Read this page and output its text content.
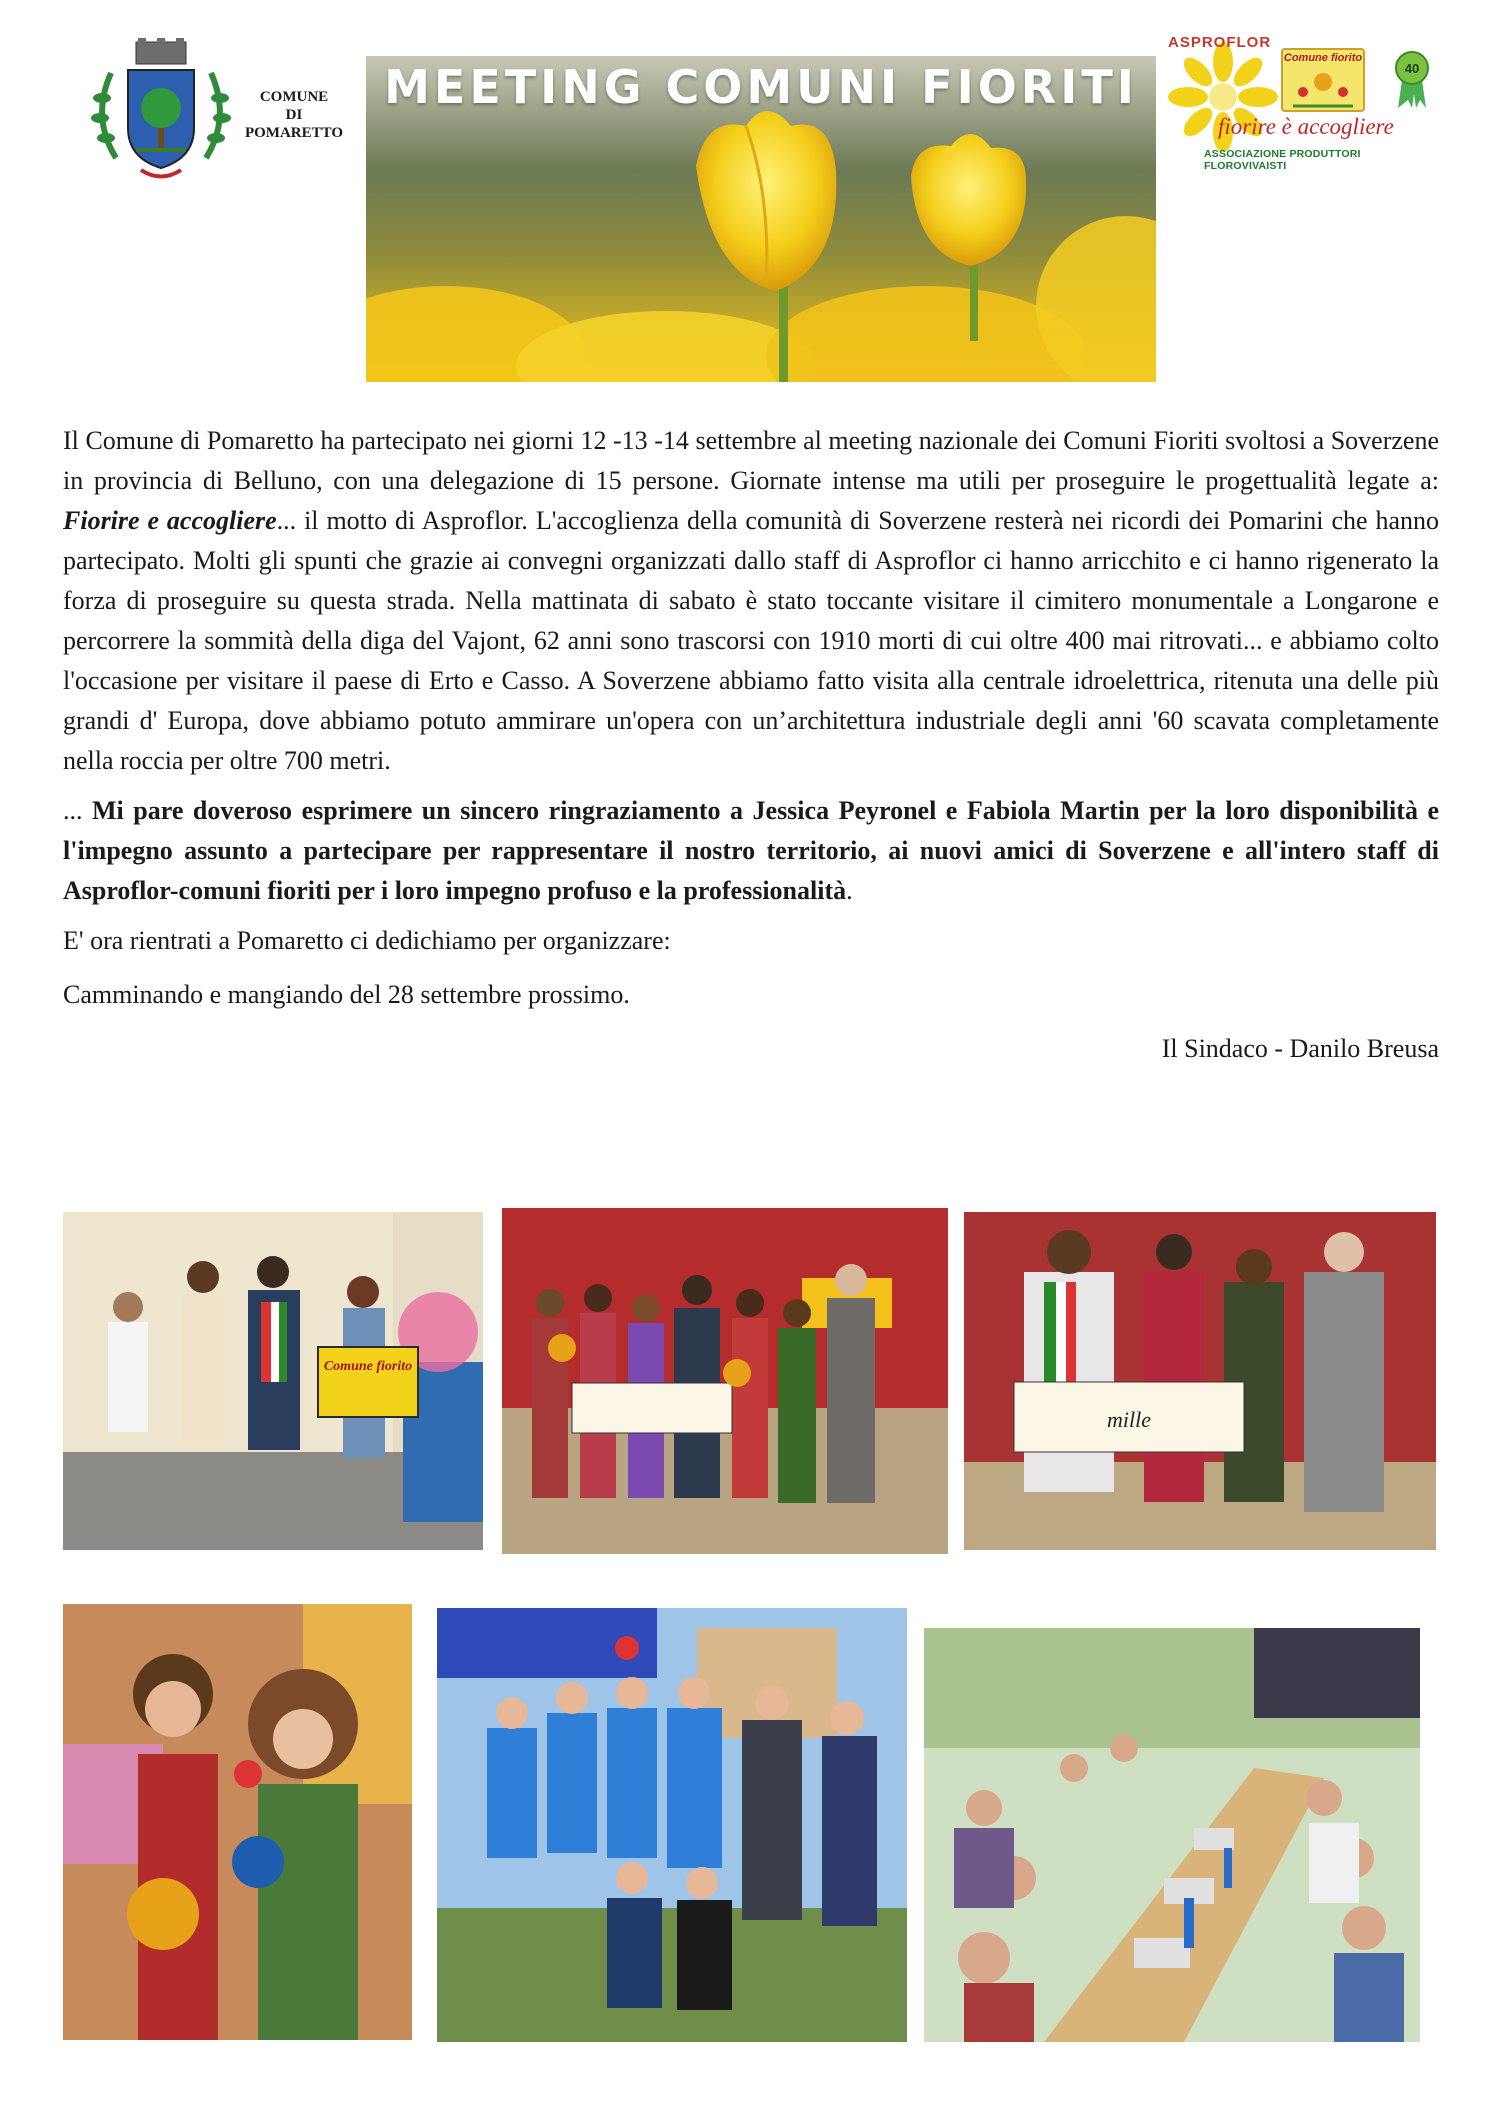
COMUNE
DI
POMARETTO
MEETING COMUNI FIORITI
ASPROFLOR
Comune fiorito
40
fiorire è accogliere
ASSOCIAZIONE PRODUTTORI FLOROVIVAISTI

Il Comune di Pomaretto ha partecipato nei giorni 12 -13 -14 settembre al meeting nazionale dei Comuni Fioriti svoltosi a Soverzene in provincia di Belluno, con una delegazione di 15 persone. Giornate intense ma utili per proseguire le progettualità legate a: Fiorire e accogliere... il motto di Asproflor. L'accoglienza della comunità di Soverzene resterà nei ricordi dei Pomarini che hanno partecipato. Molti gli spunti che grazie ai convegni organizzati dallo staff di Asproflor ci hanno arricchito e ci hanno rigenerato la forza di proseguire su questa strada. Nella mattinata di sabato è stato toccante visitare il cimitero monumentale a Longarone e percorrere la sommità della diga del Vajont, 62 anni sono trascorsi con 1910 morti di cui oltre 400 mai ritrovati... e abbiamo colto l'occasione per visitare il paese di Erto e Casso. A Soverzene abbiamo fatto visita alla centrale idroelettrica, ritenuta una delle più grandi d' Europa, dove abbiamo potuto ammirare un'opera con un’architettura industriale degli anni '60 scavata completamente nella roccia per oltre 700 metri.

... Mi pare doveroso esprimere un sincero ringraziamento a Jessica Peyronel e Fabiola Martin per la loro disponibilità e l'impegno assunto a partecipare per rappresentare il nostro territorio, ai nuovi amici di Soverzene e all'intero staff di Asproflor-comuni fioriti per i loro impegno profuso e la professionalità.

E' ora rientrati a Pomaretto ci dedichiamo per organizzare:

Camminando e mangiando del 28 settembre prossimo.

Il Sindaco - Danilo Breusa

Comune fiorito
mille
